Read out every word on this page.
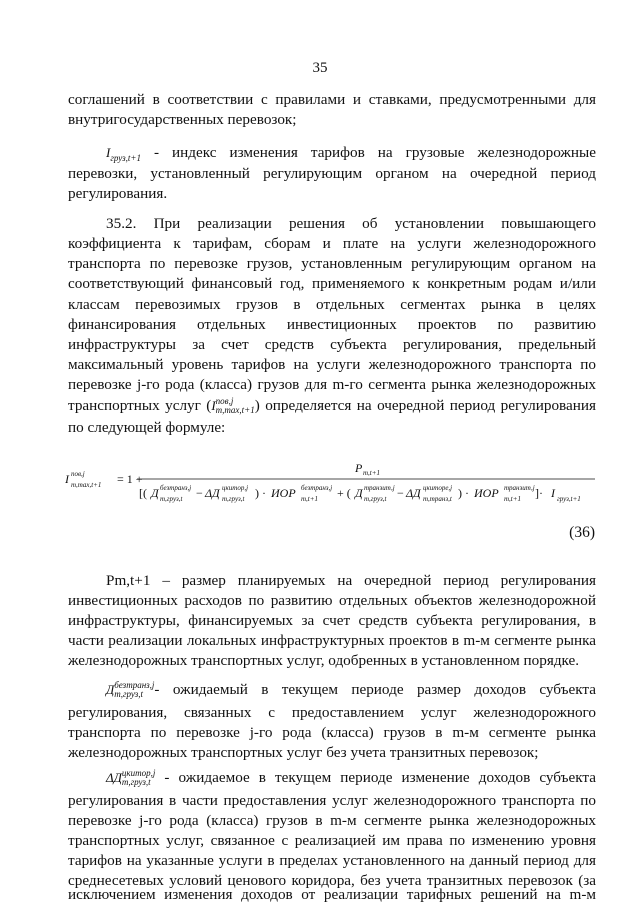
35
соглашений в соответствии с правилами и ставками, предусмотренными для
внутригосударственных перевозок;
$I_{груз,t+1}$ - индекс изменения тарифов на грузовые железнодорожные
перевозки, установленный регулирующим органом на очередной период
регулирования.
35.2. При реализации решения об установлении повышающего
коэффициента к тарифам, сборам и плате на услуги железнодорожного
транспорта по перевозке грузов, установленным регулирующим органом на
соответствующий финансовый год, применяемого к конкретным родам и/или
классам перевозимых грузов в отдельных сегментах рынка в целях
финансирования отдельных инвестиционных проектов по развитию
инфраструктуры за счет средств субъекта регулирования, предельный
максимальный уровень тарифов на услуги железнодорожного транспорта по
перевозке j-го рода (класса) грузов для m-го сегмента рынка железнодорожных
транспортных услуг (I пов,j
m,max,t+1 ) определяется на очередной период регулирования
по следующей формуле:
I пов,j
m,max,t+1 = 1 +
P m,t+1
[( Д безтранз,j
m,груз,t − ΔД цкитор,j
m,груз,t ) · ИОР безтранз,j
m,t+1 + ( Д транзит,j
m,груз,t − ΔД цкиторе,j
m,транз,t ) · ИОР транзит,j
m,t+1 ]· I груз,t+1
(36)
Pm,t+1 – размер планируемых на очередной период регулирования
инвестиционных расходов по развитию отдельных объектов железнодорожной
инфраструктуры, финансируемых за счет средств субъекта регулирования, в
части реализации локальных инфраструктурных проектов в m-м сегменте рынка
железнодорожных транспортных услуг, одобренных в установленном порядке.
Д безтранз,j
m,груз,t - ожидаемый в текущем периоде размер доходов субъекта
регулирования, связанных с предоставлением услуг железнодорожного
транспорта по перевозке j-го рода (класса) грузов в m-м сегменте рынка
железнодорожных транспортных услуг без учета транзитных перевозок;
ΔД цкитор,j
m,груз,t - ожидаемое в текущем периоде изменение доходов субъекта
регулирования в части предоставления услуг железнодорожного транспорта по
перевозке j-го рода (класса) грузов в m-м сегменте рынка железнодорожных
транспортных услуг, связанное с реализацией им права по изменению уровня
тарифов на указанные услуги в пределах установленного на данный период для
среднесетевых условий ценового коридора, без учета транзитных перевозок (за
исключением изменения доходов от реализации тарифных решений на m-м
